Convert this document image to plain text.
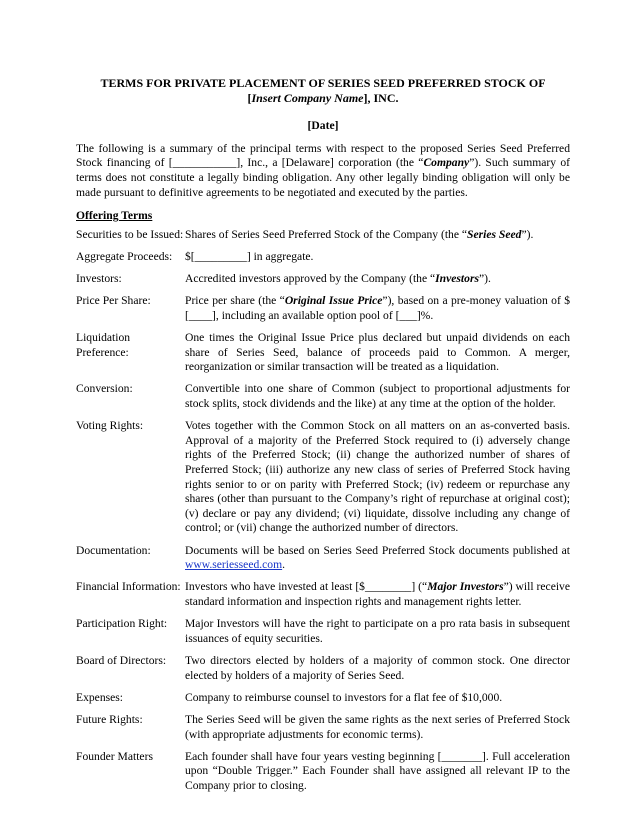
TERMS FOR PRIVATE PLACEMENT OF SERIES SEED PREFERRED STOCK OF
[Insert Company Name], INC.
[Date]
The following is a summary of the principal terms with respect to the proposed Series Seed Preferred Stock financing of [___________], Inc., a [Delaware] corporation (the “Company”). Such summary of terms does not constitute a legally binding obligation. Any other legally binding obligation will only be made pursuant to definitive agreements to be negotiated and executed by the parties.
Offering Terms
Securities to be Issued: Shares of Series Seed Preferred Stock of the Company (the “Series Seed”).
Aggregate Proceeds:	$[_________] in aggregate.
Investors:	Accredited investors approved by the Company (the “Investors”).
Price Per Share:	Price per share (the “Original Issue Price”), based on a pre-money valuation of $ [____], including an available option pool of [___]%.
Liquidation Preference:
One times the Original Issue Price plus declared but unpaid dividends on each share of Series Seed, balance of proceeds paid to Common. A merger, reorganization or similar transaction will be treated as a liquidation.
Conversion:	Convertible into one share of Common (subject to proportional adjustments for stock splits, stock dividends and the like) at any time at the option of the holder.
Voting Rights:	Votes together with the Common Stock on all matters on an as-converted basis. Approval of a majority of the Preferred Stock required to (i) adversely change rights of the Preferred Stock; (ii) change the authorized number of shares of Preferred Stock; (iii) authorize any new class of series of Preferred Stock having rights senior to or on parity with Preferred Stock; (iv) redeem or repurchase any shares (other than pursuant to the Company’s right of repurchase at original cost); (v) declare or pay any dividend; (vi) liquidate, dissolve including any change of control; or (vii) change the authorized number of directors.
Documentation:	Documents will be based on Series Seed Preferred Stock documents published at www.seriesseed.com.
Financial Information: Investors who have invested at least [$________] (“Major Investors”) will receive standard information and inspection rights and management rights letter.
Participation Right:	Major Investors will have the right to participate on a pro rata basis in subsequent issuances of equity securities.
Board of Directors:	Two directors elected by holders of a majority of common stock. One director elected by holders of a majority of Series Seed.
Expenses:	Company to reimburse counsel to investors for a flat fee of $10,000.
Future Rights:	The Series Seed will be given the same rights as the next series of Preferred Stock (with appropriate adjustments for economic terms).
Founder Matters	Each founder shall have four years vesting beginning [_______]. Full acceleration upon “Double Trigger.” Each Founder shall have assigned all relevant IP to the Company prior to closing.
